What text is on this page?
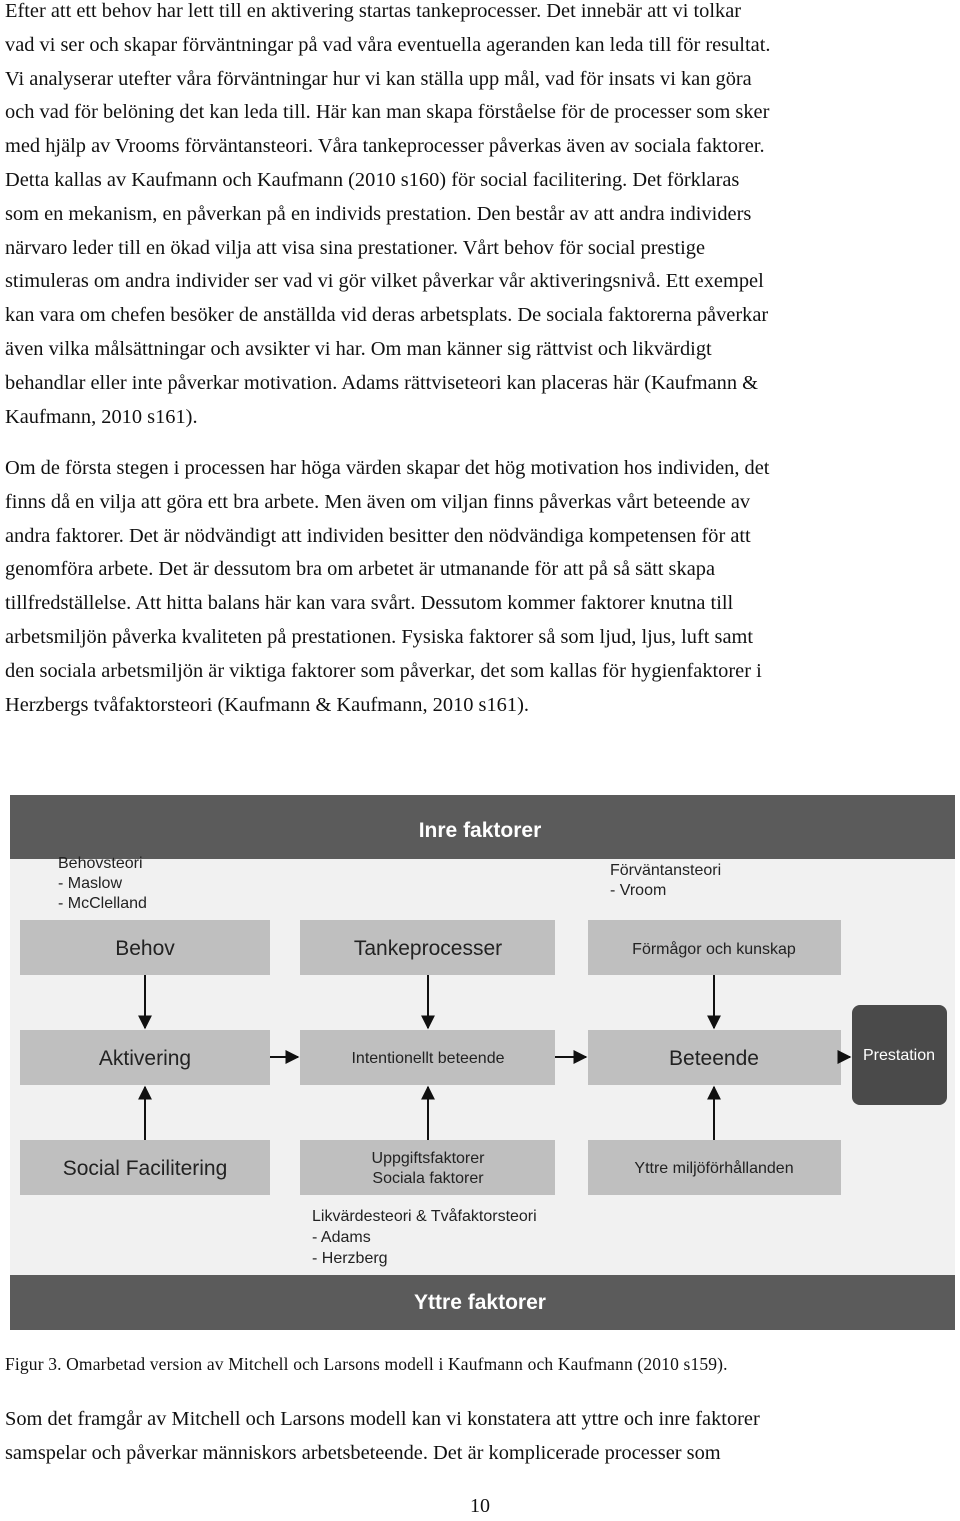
Efter att ett behov har lett till en aktivering startas tankeprocesser. Det innebär att vi tolkar
vad vi ser och skapar förväntningar på vad våra eventuella ageranden kan leda till för resultat.
Vi analyserar utefter våra förväntningar hur vi kan ställa upp mål, vad för insats vi kan göra
och vad för belöning det kan leda till. Här kan man skapa förståelse för de processer som sker
med hjälp av Vrooms förväntansteori. Våra tankeprocesser påverkas även av sociala faktorer.
Detta kallas av Kaufmann och Kaufmann (2010 s160) för social facilitering. Det förklaras
som en mekanism, en påverkan på en individs prestation. Den består av att andra individers
närvaro leder till en ökad vilja att visa sina prestationer. Vårt behov för social prestige
stimuleras om andra individer ser vad vi gör vilket påverkar vår aktiveringsnivå. Ett exempel
kan vara om chefen besöker de anställda vid deras arbetsplats. De sociala faktorerna påverkar
även vilka målsättningar och avsikter vi har. Om man känner sig rättvist och likvärdigt
behandlar eller inte påverkar motivation. Adams rättviseteori kan placeras här (Kaufmann &
Kaufmann, 2010 s161).
Om de första stegen i processen har höga värden skapar det hög motivation hos individen, det
finns då en vilja att göra ett bra arbete. Men även om viljan finns påverkas vårt beteende av
andra faktorer. Det är nödvändigt att individen besitter den nödvändiga kompetensen för att
genomföra arbete. Det är dessutom bra om arbetet är utmanande för att på så sätt skapa
tillfredställelse. Att hitta balans här kan vara svårt. Dessutom kommer faktorer knutna till
arbetsmiljön påverka kvaliteten på prestationen. Fysiska faktorer så som ljud, ljus, luft samt
den sociala arbetsmiljön är viktiga faktorer som påverkar, det som kallas för hygienfaktorer i
Herzbergs tvåfaktorsteori (Kaufmann & Kaufmann, 2010 s161).
Inre faktorer
Yttre faktorer
Behovsteori
- Maslow
- McClelland
Förväntansteori
- Vroom
Likvärdesteori & Tvåfaktorsteori
- Adams
- Herzberg
Behov	Tankeprocesser	Förmågor och kunskap
Aktivering	Intentionellt beteende	Beteende	Prestation
Social Facilitering	Uppgiftsfaktorer
Sociala faktorer
Yttre miljöförhållanden
Figur 3. Omarbetad version av Mitchell och Larsons modell i Kaufmann och Kaufmann (2010 s159).
Som det framgår av Mitchell och Larsons modell kan vi konstatera att yttre och inre faktorer
samspelar och påverkar människors arbetsbeteende. Det är komplicerade processer som
10
